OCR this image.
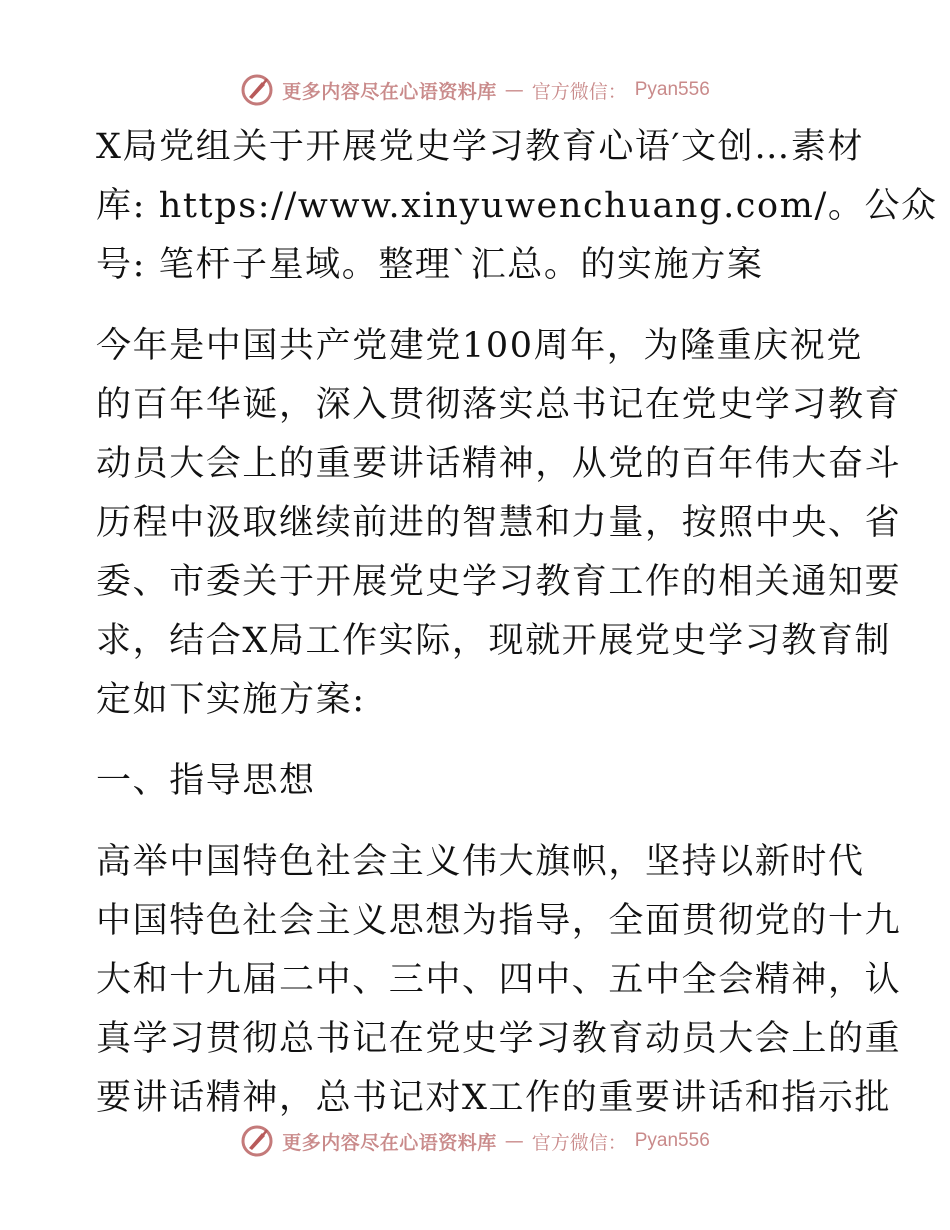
更多内容尽在心语资料库 — 官方微信： Pyan556
X局党组关于开展党史学习教育心语′文创…素材
库: https://www.xinyuwenchuang.com/。公众
号: 笔杆子星域。整理`汇总。的实施方案
今年是中国共产党建党100周年，为隆重庆祝党
的百年华诞，深入贯彻落实总书记在党史学习教育
动员大会上的重要讲话精神，从党的百年伟大奋斗
历程中汲取继续前进的智慧和力量，按照中央、省
委、市委关于开展党史学习教育工作的相关通知要
求，结合X局工作实际，现就开展党史学习教育制
定如下实施方案:
一、指导思想
高举中国特色社会主义伟大旗帜，坚持以新时代
中国特色社会主义思想为指导，全面贯彻党的十九
大和十九届二中、三中、四中、五中全会精神，认
真学习贯彻总书记在党史学习教育动员大会上的重
要讲话精神，总书记对X工作的重要讲话和指示批
更多内容尽在心语资料库 — 官方微信： Pyan556
